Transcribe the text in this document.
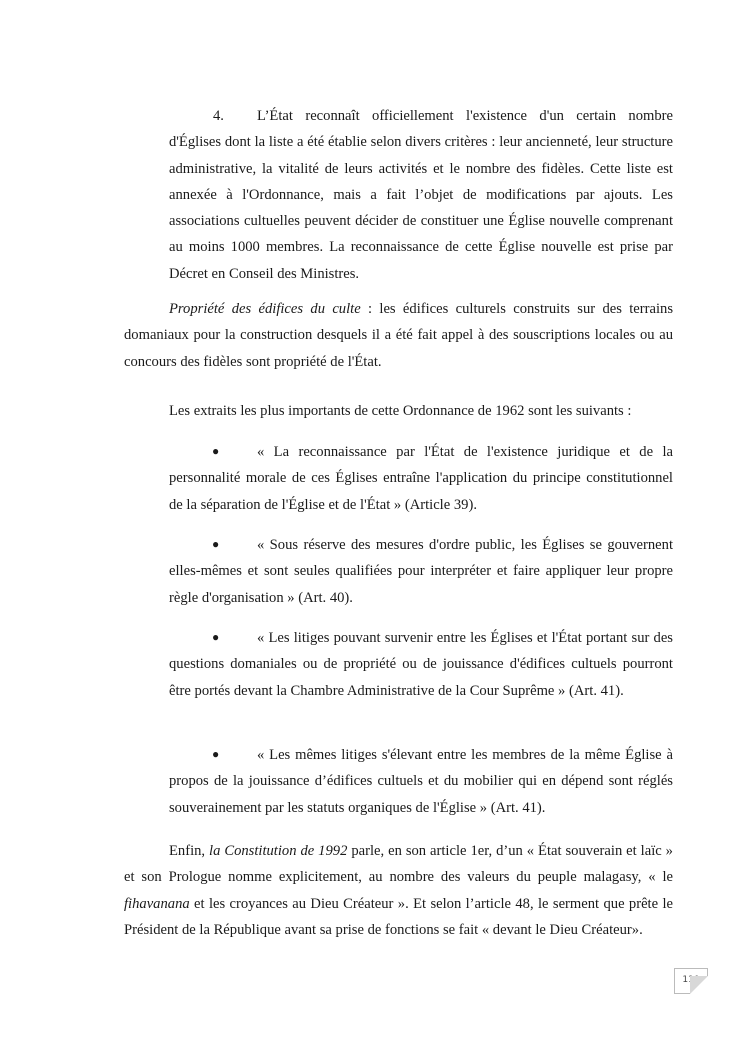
4. L’État reconnaît officiellement l'existence d'un certain nombre d'Églises dont la liste a été établie selon divers critères : leur ancienneté, leur structure administrative, la vitalité de leurs activités et le nombre des fidèles. Cette liste est annexée à l'Ordonnance, mais a fait l’objet de modifications par ajouts. Les associations cultuelles peuvent décider de constituer une Église nouvelle comprenant au moins 1000 membres. La reconnaissance de cette Église nouvelle est prise par Décret en Conseil des Ministres.

Propriété des édifices du culte : les édifices culturels construits sur des terrains domaniaux pour la construction desquels il a été fait appel à des souscriptions locales ou au concours des fidèles sont propriété de l'État.

Les extraits les plus importants de cette Ordonnance de 1962 sont les suivants :

●	« La reconnaissance par l'État de l'existence juridique et de la personnalité morale de ces Églises entraîne l'application du principe constitutionnel de la séparation de l'Église et de l'État » (Article 39).

●	« Sous réserve des mesures d'ordre public, les Églises se gouvernent elles-mêmes et sont seules qualifiées pour interpréter et faire appliquer leur propre règle d'organisation » (Art. 40).

●	« Les litiges pouvant survenir entre les Églises et l'État portant sur des questions domaniales ou de propriété ou de jouissance d'édifices cultuels pourront être portés devant la Chambre Administrative de la Cour Suprême » (Art. 41).

●	« Les mêmes litiges s'élevant entre les membres de la même Église à propos de la jouissance d’édifices cultuels et du mobilier qui en dépend sont réglés souverainement par les statuts organiques de l'Église » (Art. 41).

Enfin, la Constitution de 1992 parle, en son article 1er, d’un « État souverain et laïc » et son Prologue nomme explicitement, au nombre des valeurs du peuple malagasy, « le fihavanana et les croyances au Dieu Créateur ». Et selon l’article 48, le serment que prête le Président de la République avant sa prise de fonctions se fait « devant le Dieu Créateur».

110
